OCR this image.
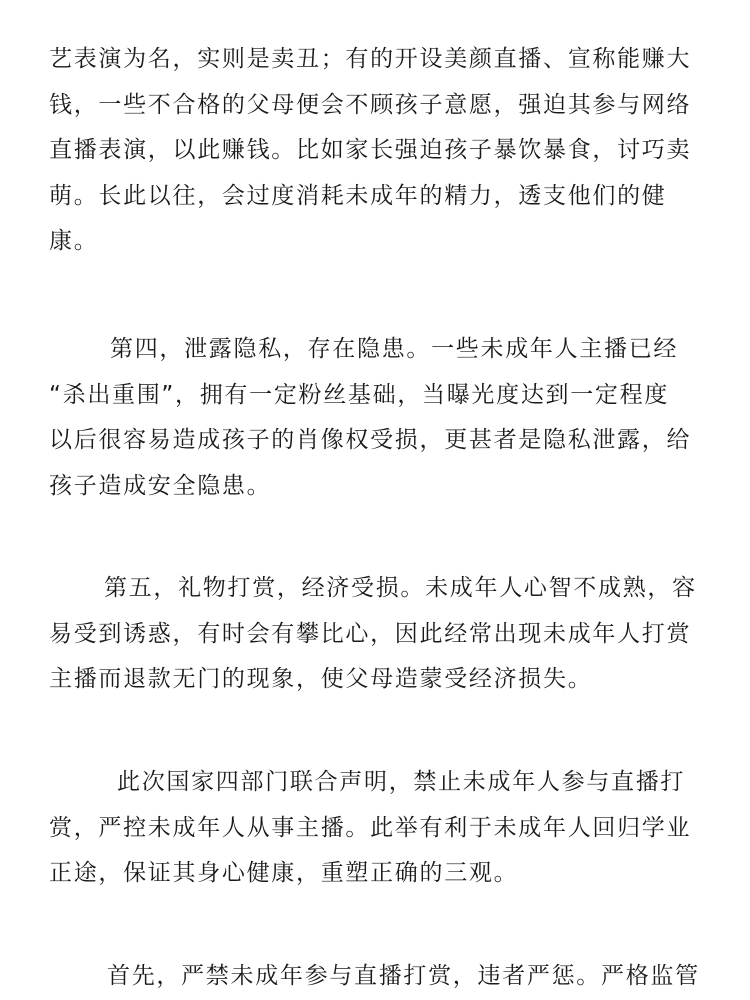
艺表演为名，实则是卖丑；有的开设美颜直播、宣称能赚大
钱，一些不合格的父母便会不顾孩子意愿，强迫其参与网络
直播表演，以此赚钱。比如家长强迫孩子暴饮暴食，讨巧卖
萌。长此以往，会过度消耗未成年的精力，透支他们的健
康。

第四，泄露隐私，存在隐患。一些未成年人主播已经
“杀出重围”，拥有一定粉丝基础，当曝光度达到一定程度
以后很容易造成孩子的肖像权受损，更甚者是隐私泄露，给
孩子造成安全隐患。

第五，礼物打赏，经济受损。未成年人心智不成熟，容
易受到诱惑，有时会有攀比心，因此经常出现未成年人打赏
主播而退款无门的现象，使父母造蒙受经济损失。

此次国家四部门联合声明，禁止未成年人参与直播打
赏，严控未成年人从事主播。此举有利于未成年人回归学业
正途，保证其身心健康，重塑正确的三观。

首先，严禁未成年参与直播打赏，违者严惩。严格监管
